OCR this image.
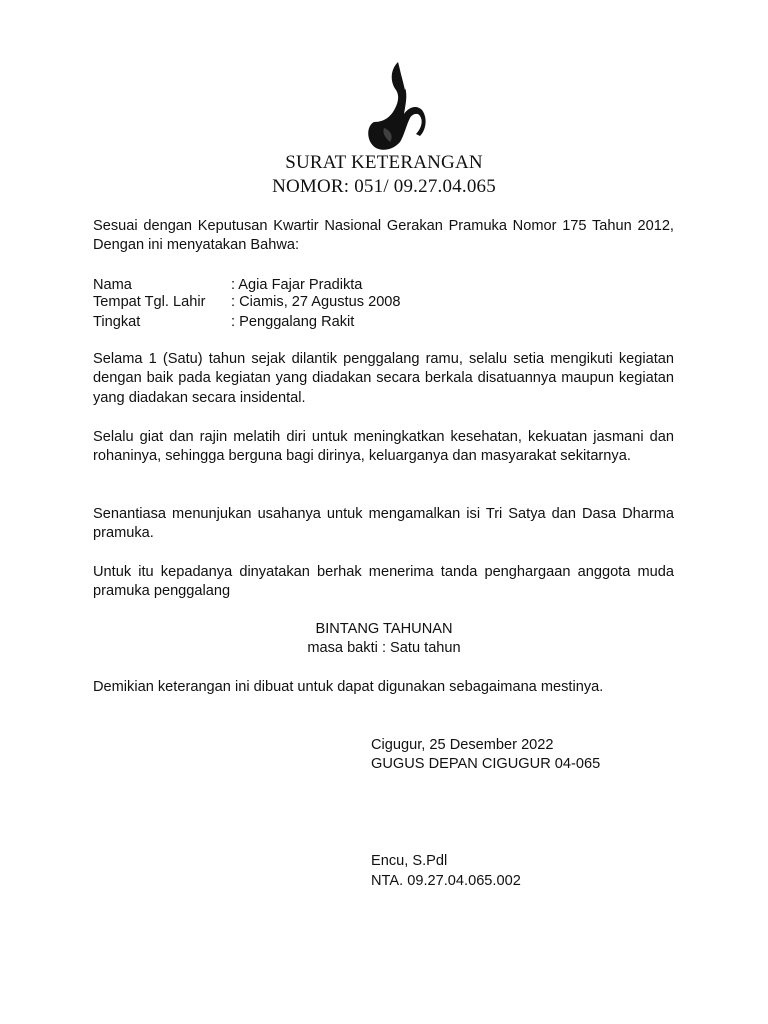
SURAT KETERANGAN
NOMOR: 051/ 09.27.04.065

Sesuai dengan Keputusan Kwartir Nasional Gerakan Pramuka Nomor 175 Tahun 2012, Dengan ini menyatakan Bahwa:

Nama	: Agia Fajar Pradikta
Tempat Tgl. Lahir : Ciamis, 27 Agustus 2008
Tingkat	: Penggalang Rakit

Selama 1 (Satu) tahun sejak dilantik penggalang ramu, selalu setia mengikuti kegiatan dengan baik pada kegiatan yang diadakan secara berkala disatuannya maupun kegiatan yang diadakan secara insidental.

Selalu giat dan rajin melatih diri untuk meningkatkan kesehatan, kekuatan jasmani dan rohaninya, sehingga berguna bagi dirinya, keluarganya dan masyarakat sekitarnya.

Senantiasa menunjukan usahanya untuk mengamalkan isi Tri Satya dan Dasa Dharma pramuka.

Untuk itu kepadanya dinyatakan berhak menerima tanda penghargaan anggota muda pramuka penggalang

BINTANG TAHUNAN
masa bakti : Satu tahun

Demikian keterangan ini dibuat untuk dapat digunakan sebagaimana mestinya.

Cigugur, 25 Desember 2022
GUGUS DEPAN CIGUGUR 04-065
Encu, S.Pdl
NTA. 09.27.04.065.002
